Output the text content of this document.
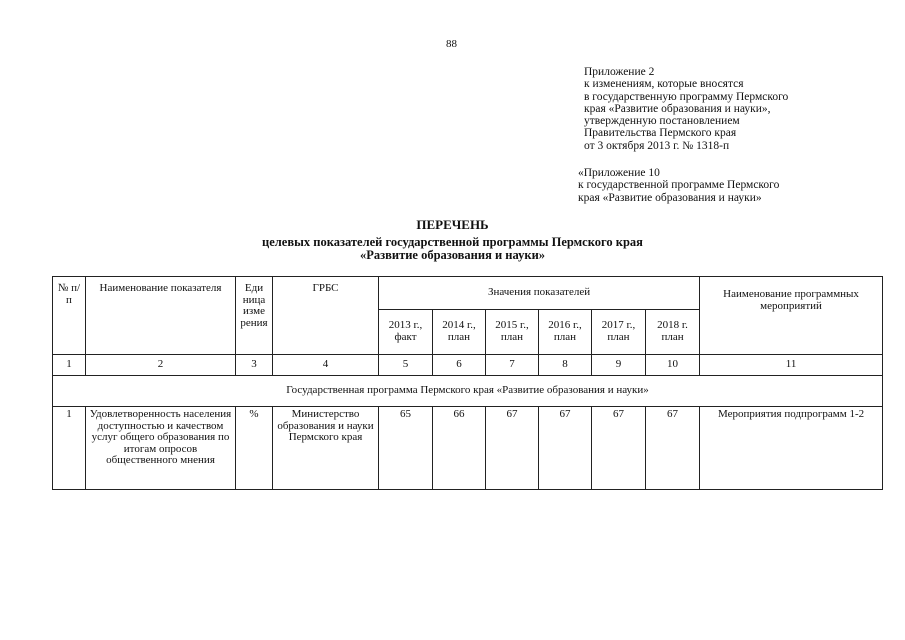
88
Приложение 2
к изменениям, которые вносятся
в государственную программу Пермского
края «Развитие образования и науки»,
утвержденную постановлением
Правительства Пермского края
от 3 октября 2013 г. № 1318-п
«Приложение 10
к государственной программе Пермского
края «Развитие образования и науки»
ПЕРЕЧЕНЬ
целевых показателей государственной программы Пермского края
«Развитие образования и науки»
№ п/п	Наименование показателя	Еди ница изме рения	ГРБС	Значения показателей						Наименование программных мероприятий
				2013 г., факт	2014 г., план	2015 г., план	2016 г., план	2017 г., план	2018 г. план	
1	2	3	4	5	6	7	8	9	10	11
Государственная программа Пермского края «Развитие образования и науки»										
1	Удовлетворенность населения доступностью и качеством услуг общего образования по итогам опросов общественного мнения	%	Министерство образования и науки Пермского края	65	66	67	67	67	67	Мероприятия подпрограмм 1-2
